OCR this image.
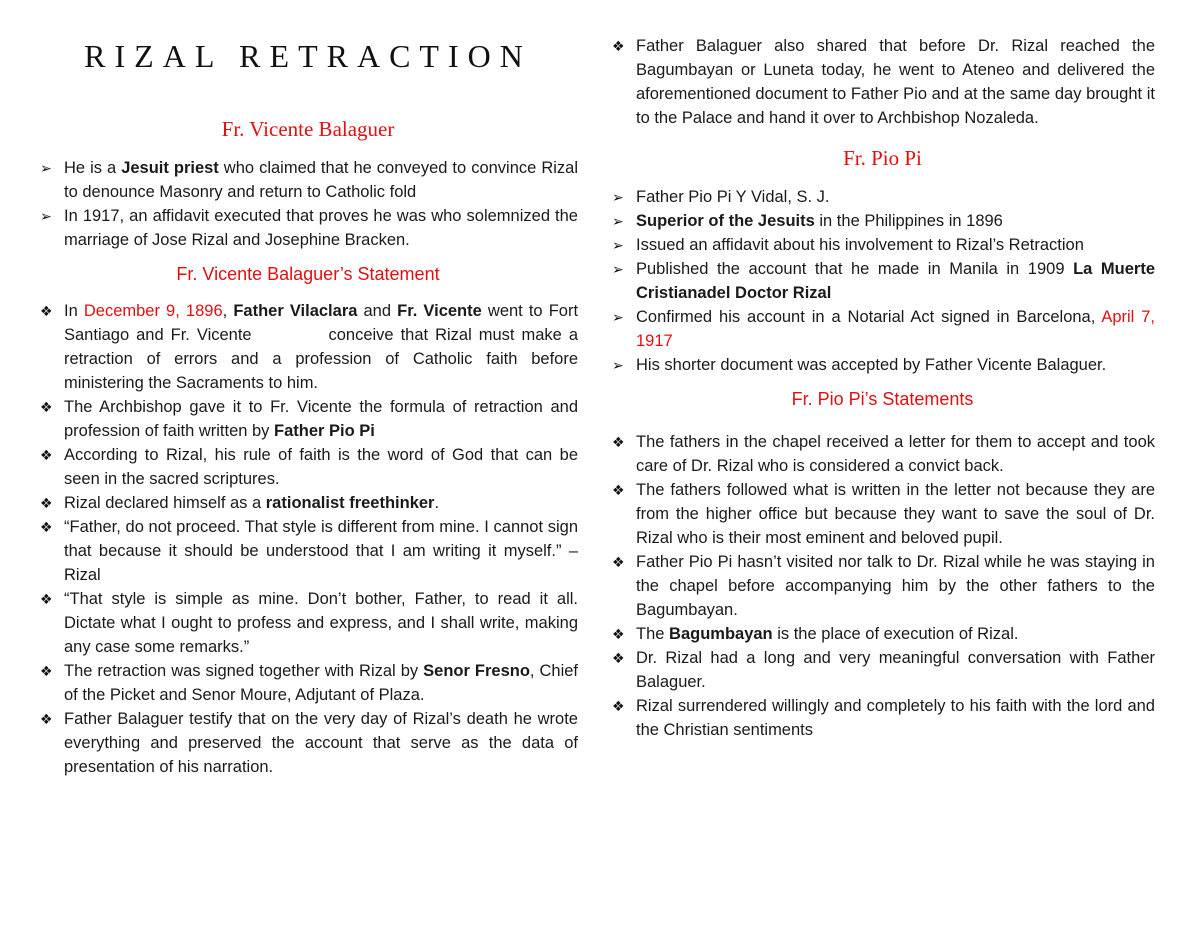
RIZAL RETRACTION
Fr. Vicente Balaguer
➢ He is a Jesuit priest who claimed that he conveyed to convince Rizal to denounce Masonry and return to Catholic fold
➢ In 1917, an affidavit executed that proves he was who solemnized the marriage of Jose Rizal and Josephine Bracken.
Fr. Vicente Balaguer’s Statement
❖ In December 9, 1896, Father Vilaclara and Fr. Vicente went to Fort Santiago and Fr. Vicente           conceive that Rizal must make a retraction of errors and a profession of Catholic faith before ministering the Sacraments to him.
❖ The Archbishop gave it to Fr. Vicente the formula of retraction and profession of faith written by Father Pio Pi
❖ According to Rizal, his rule of faith is the word of God that can be seen in the sacred scriptures.
❖ Rizal declared himself as a rationalist freethinker.
❖ “Father, do not proceed. That style is different from mine. I cannot sign that because it should be understood that I am writing it myself.” –Rizal
❖ “That style is simple as mine. Don’t bother, Father, to read it all. Dictate what I ought to profess and express, and I shall write, making any case some remarks.”
❖ The retraction was signed together with Rizal by Senor Fresno, Chief of the Picket and Senor Moure, Adjutant of Plaza.
❖ Father Balaguer testify that on the very day of Rizal’s death he wrote everything and preserved the account that serve as the data of presentation of his narration.
❖ Father Balaguer also shared that before Dr. Rizal reached the Bagumbayan or Luneta today, he went to Ateneo and delivered the aforementioned document to Father Pio and at the same day brought it to the Palace and hand it over to Archbishop Nozaleda.
Fr. Pio Pi
➢ Father Pio Pi Y Vidal, S. J.
➢ Superior of the Jesuits in the Philippines in 1896
➢ Issued an affidavit about his involvement to Rizal’s Retraction
➢ Published the account that he made in Manila in 1909 La Muerte Cristianadel Doctor Rizal
➢ Confirmed his account in a Notarial Act signed in Barcelona, April 7, 1917
➢ His shorter document was accepted by Father Vicente Balaguer.
Fr. Pio Pi’s Statements
❖ The fathers in the chapel received a letter for them to accept and took care of Dr. Rizal who is considered a convict back.
❖ The fathers followed what is written in the letter not because they are from the higher office but because they want to save the soul of Dr. Rizal who is their most eminent and beloved pupil.
❖ Father Pio Pi hasn’t visited nor talk to Dr. Rizal while he was staying in the chapel before accompanying him by the other fathers to the Bagumbayan.
❖ The Bagumbayan is the place of execution of Rizal.
❖ Dr. Rizal had a long and very meaningful conversation with Father Balaguer.
❖ Rizal surrendered willingly and completely to his faith with the lord and the Christian sentiments
